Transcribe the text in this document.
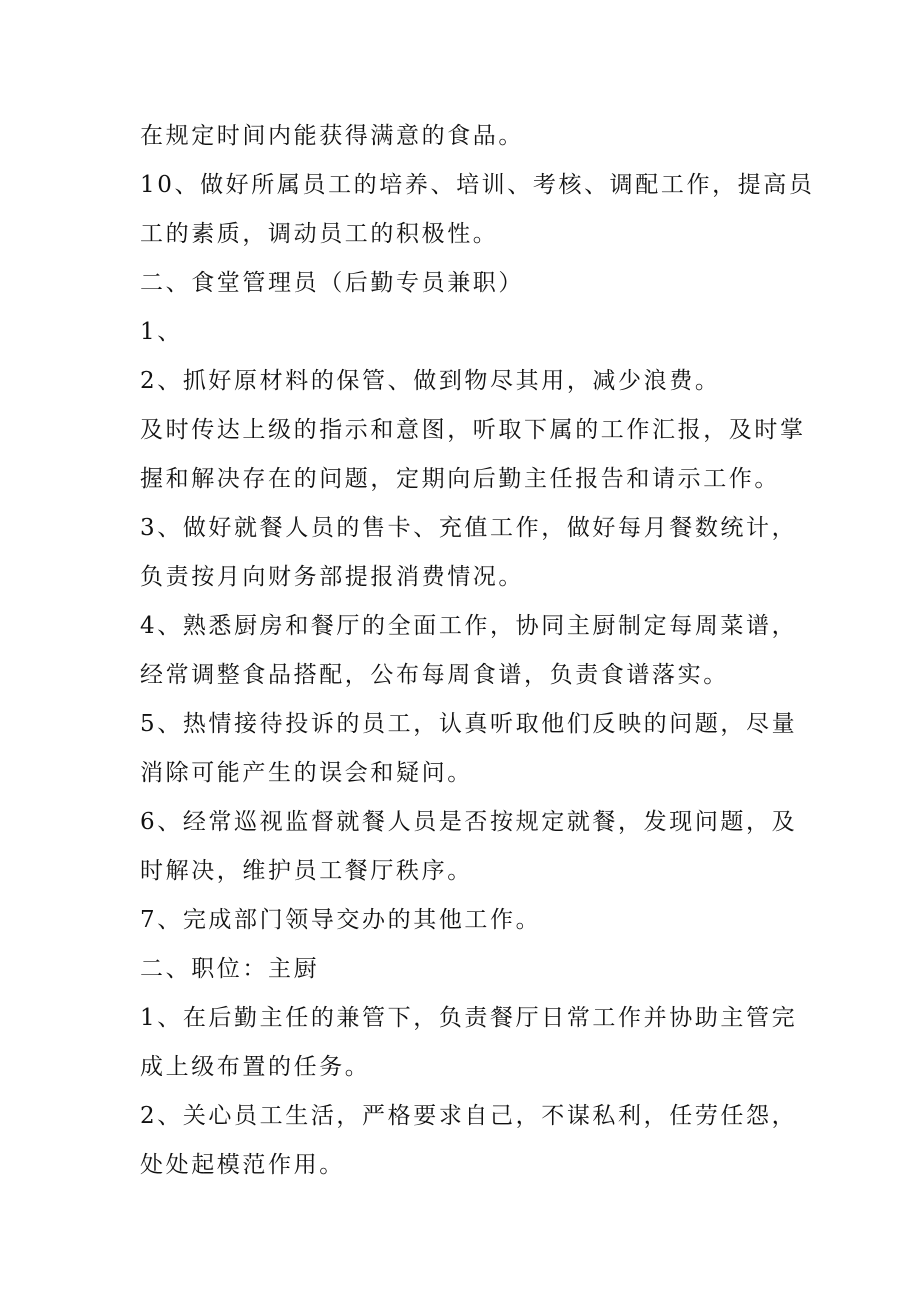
在规定时间内能获得满意的食品。
10、做好所属员工的培养、培训、考核、调配工作，提高员
工的素质，调动员工的积极性。
二、食堂管理员（后勤专员兼职）
1、
2、抓好原材料的保管、做到物尽其用，减少浪费。
及时传达上级的指示和意图，听取下属的工作汇报，及时掌
握和解决存在的问题，定期向后勤主任报告和请示工作。
3、做好就餐人员的售卡、充值工作，做好每月餐数统计，
负责按月向财务部提报消费情况。
4、熟悉厨房和餐厅的全面工作，协同主厨制定每周菜谱，
经常调整食品搭配，公布每周食谱，负责食谱落实。
5、热情接待投诉的员工，认真听取他们反映的问题，尽量
消除可能产生的误会和疑问。
6、经常巡视监督就餐人员是否按规定就餐，发现问题，及
时解决，维护员工餐厅秩序。
7、完成部门领导交办的其他工作。
二、职位：主厨
1、在后勤主任的兼管下，负责餐厅日常工作并协助主管完
成上级布置的任务。
2、关心员工生活，严格要求自己，不谋私利，任劳任怨，
处处起模范作用。
